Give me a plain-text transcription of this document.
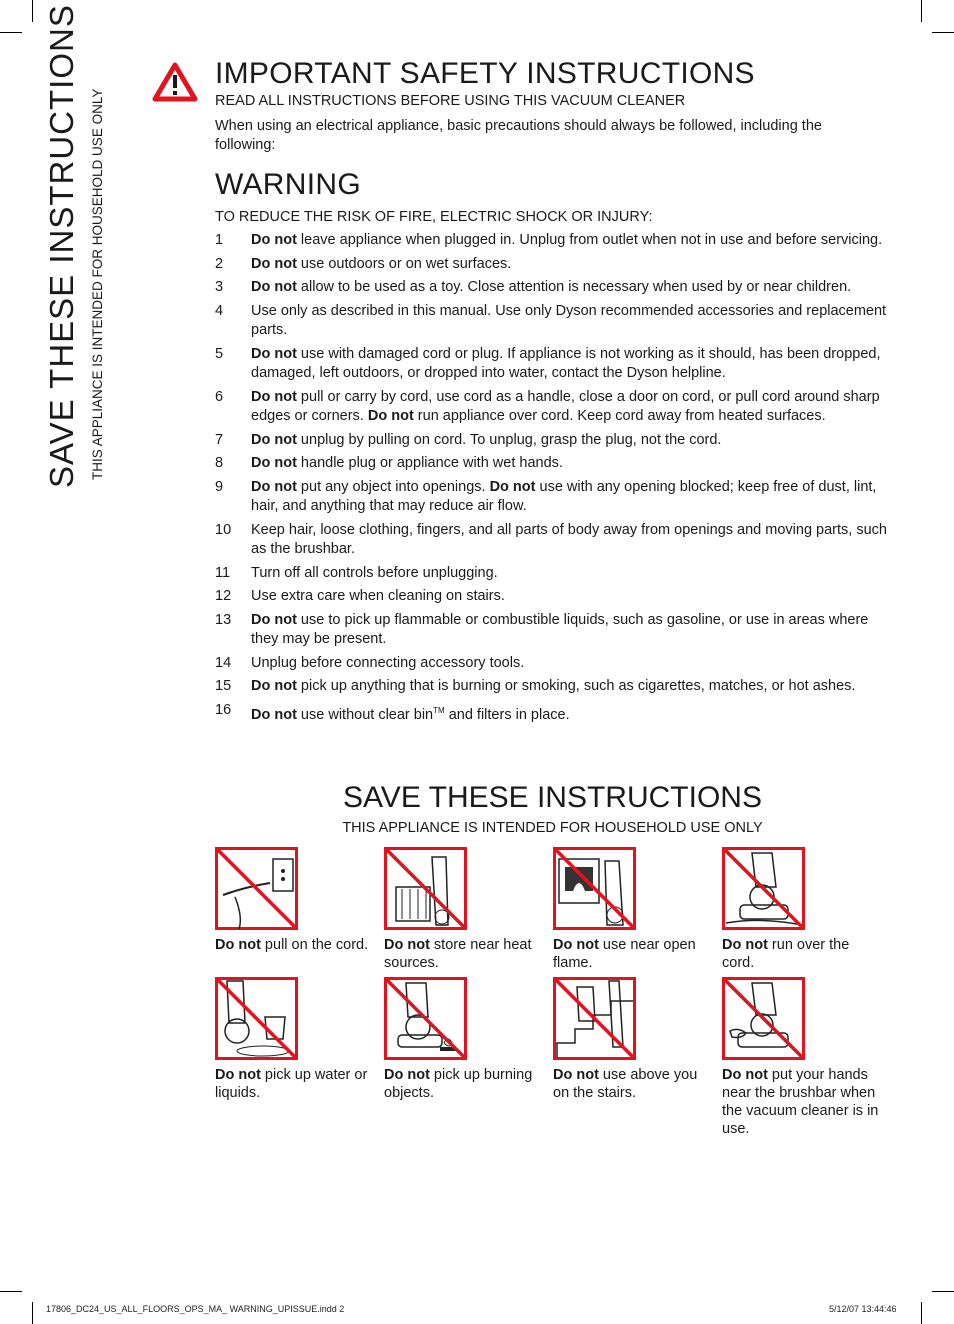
SAVE THESE INSTRUCTIONS THIS APPLIANCE IS INTENDED FOR HOUSEHOLD USE ONLY
IMPORTANT SAFETY INSTRUCTIONS

READ ALL INSTRUCTIONS BEFORE USING THIS VACUUM CLEANER

When using an electrical appliance, basic precautions should always be followed, including the following:

WARNING

TO REDUCE THE RISK OF FIRE, ELECTRIC SHOCK OR INJURY:

1	Do not leave appliance when plugged in. Unplug from outlet when not in use and before servicing.
2	Do not use outdoors or on wet surfaces.
3	Do not allow to be used as a toy. Close attention is necessary when used by or near children.
4	Use only as described in this manual. Use only Dyson recommended accessories and replacement parts.
5	Do not use with damaged cord or plug. If appliance is not working as it should, has been dropped, damaged, left outdoors, or dropped into water, contact the Dyson helpline.
6	Do not pull or carry by cord, use cord as a handle, close a door on cord, or pull cord around sharp edges or corners. Do not run appliance over cord. Keep cord away from heated surfaces.
7	Do not unplug by pulling on cord. To unplug, grasp the plug, not the cord.
8	Do not handle plug or appliance with wet hands.
9	Do not put any object into openings. Do not use with any opening blocked; keep free of dust, lint, hair, and anything that may reduce air flow.
10	Keep hair, loose clothing, fingers, and all parts of body away from openings and moving parts, such as the brushbar.
11	Turn off all controls before unplugging.
12	Use extra care when cleaning on stairs.
13	Do not use to pick up flammable or combustible liquids, such as gasoline, or use in areas where they may be present.
14	Unplug before connecting accessory tools.
15	Do not pick up anything that is burning or smoking, such as cigarettes, matches, or hot ashes.
16	Do not use without clear bin™ and filters in place.
SAVE THESE INSTRUCTIONS
THIS APPLIANCE IS INTENDED FOR HOUSEHOLD USE ONLY
Do not pull on the cord.	Do not store near heat sources.
Do not use near open flame.
Do not run over the cord.
Do not pick up water or liquids.
Do not pick up burning objects.
Do not use above you on the stairs.
Do not put your hands near the brushbar when the vacuum cleaner is in use.
17806_DC24_US_ALL_FLOORS_OPS_MA_ WARNING_UPISSUE.indd 2	5/12/07 13:44:46
